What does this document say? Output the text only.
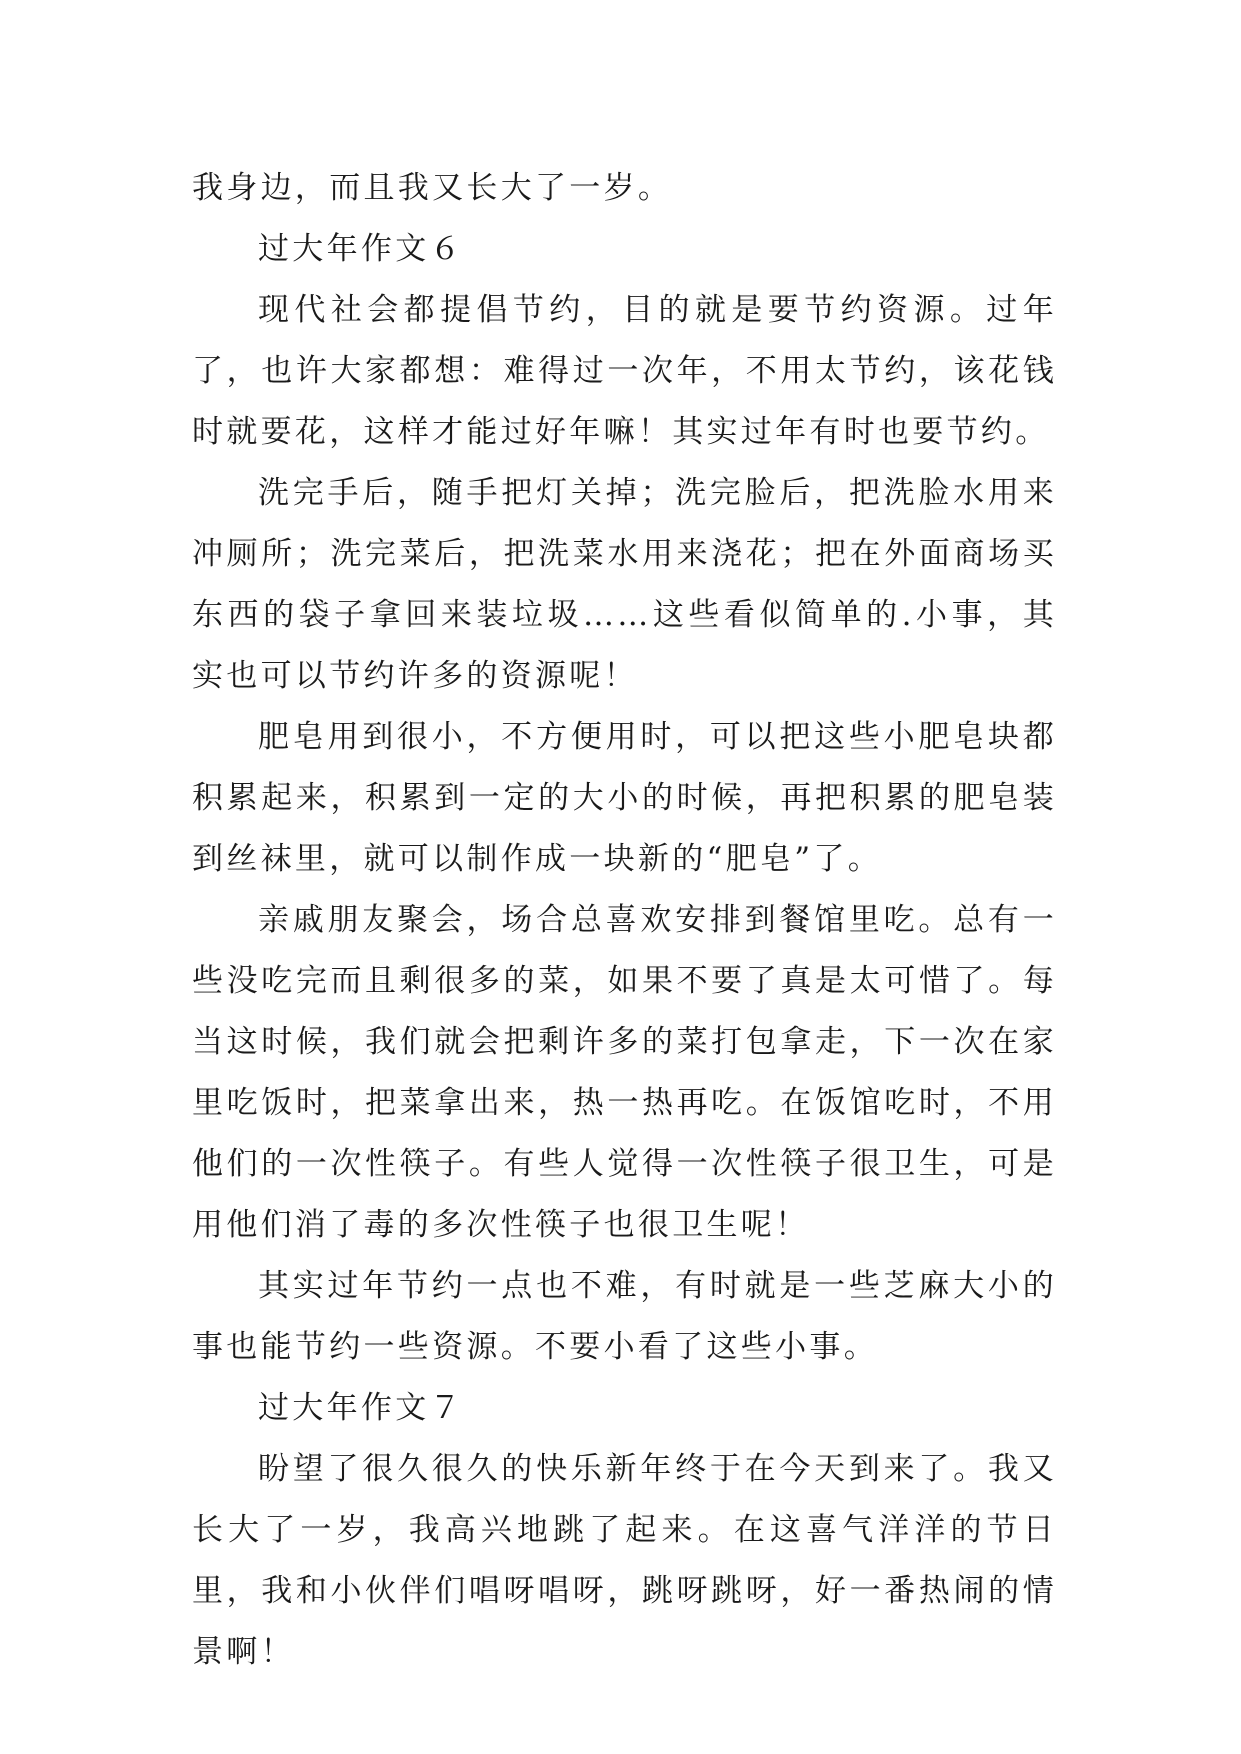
我身边，而且我又长大了一岁。

过大年作文６

现代社会都提倡节约，目的就是要节约资源。过年了，也许大家都想：难得过一次年，不用太节约，该花钱时就要花，这样才能过好年嘛！其实过年有时也要节约。

洗完手后，随手把灯关掉；洗完脸后，把洗脸水用来冲厕所；洗完菜后，把洗菜水用来浇花；把在外面商场买东西的袋子拿回来装垃圾……这些看似简单的.小事，其实也可以节约许多的资源呢！

肥皂用到很小，不方便用时，可以把这些小肥皂块都积累起来，积累到一定的大小的时候，再把积累的肥皂装到丝袜里，就可以制作成一块新的“肥皂”了。

亲戚朋友聚会，场合总喜欢安排到餐馆里吃。总有一些没吃完而且剩很多的菜，如果不要了真是太可惜了。每当这时候，我们就会把剩许多的菜打包拿走，下一次在家里吃饭时，把菜拿出来，热一热再吃。在饭馆吃时，不用他们的一次性筷子。有些人觉得一次性筷子很卫生，可是用他们消了毒的多次性筷子也很卫生呢！

其实过年节约一点也不难，有时就是一些芝麻大小的事也能节约一些资源。不要小看了这些小事。

过大年作文７

盼望了很久很久的快乐新年终于在今天到来了。我又长大了一岁，我高兴地跳了起来。在这喜气洋洋的节日里，我和小伙伴们唱呀唱呀，跳呀跳呀，好一番热闹的情景啊！
